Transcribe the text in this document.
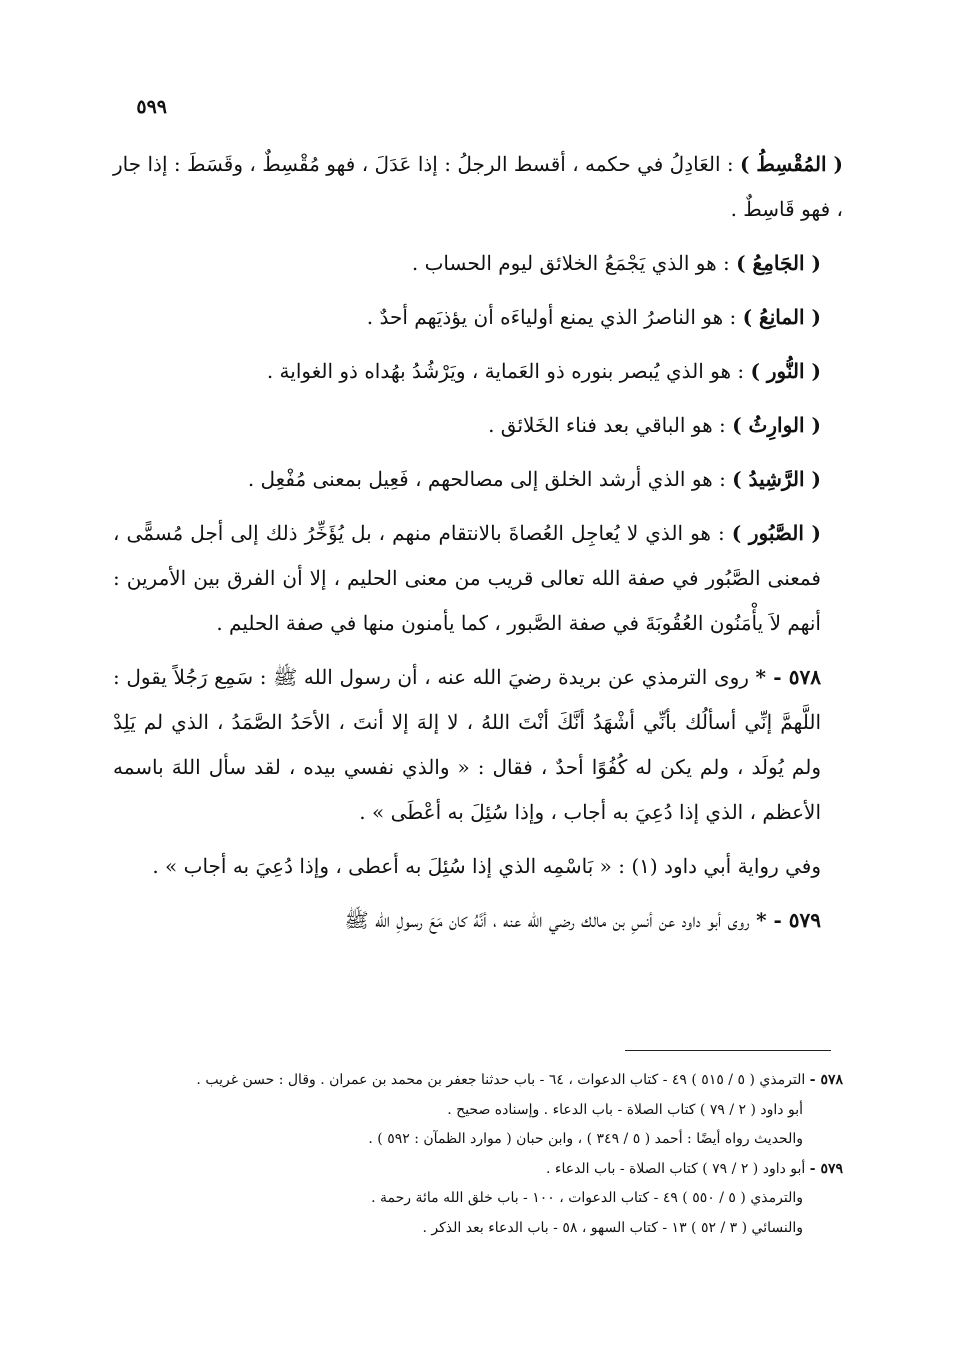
٥٩٩

( المُقْسِطُ ) : العَادِلُ في حكمه ، أقسط الرجلُ : إذا عَدَلَ ، فهو مُقْسِطٌ ، وقَسَطَ : إذا جار ، فهو قَاسِطٌ .

( الجَامِعُ ) : هو الذي يَجْمَعُ الخلائق ليوم الحساب .

( المانِعُ ) : هو الناصرُ الذي يمنع أولياءَه أن يؤذيَهم أحدٌ .

( النُّور ) : هو الذي يُبصر بنوره ذو العَماية ، ويَرْشُدُ بهُداه ذو الغواية .

( الوارِثُ ) : هو الباقي بعد فناء الخَلائق .

( الرَّشِيدُ ) : هو الذي أرشد الخلق إلى مصالحهم ، فَعِيل بمعنى مُفْعِل .

( الصَّبُور ) : هو الذي لا يُعاجِل العُصاةَ بالانتقام منهم ، بل يُؤَخِّرُ ذلك إلى أجل مُسمًّى ، فمعنى الصَّبُور في صفة الله تعالى قريب من معنى الحليم ، إلا أن الفرق بين الأمرين : أنهم لاَ يأْمَنُون العُقُوبَةَ في صفة الصَّبور ، كما يأمنون منها في صفة الحليم .

٥٧٨ - * روى الترمذي عن بريدة رضيَ الله عنه ، أن رسول الله ﷺ : سَمِع رَجُلاً يقول : اللَّهمَّ إنِّي أسألُك بأنِّي أشْهَدُ أنَّكَ أنْتَ اللهُ ، لا إلهَ إلا أنتَ ، الأحَدُ الصَّمَدُ ، الذي لم يَلِدْ ولم يُولَد ، ولم يكن له كُفُوًا أحدٌ ، فقال : « والذي نفسي بيده ، لقد سأل اللهَ باسمه الأعظم ، الذي إذا دُعِيَ به أجاب ، وإذا سُئِلَ به أعْطَى » .

وفي رواية أبي داود (١) : « بَاسْمِه الذي إذا سُئِلَ به أعطى ، وإذا دُعِيَ به أجاب » .

٥٧٩ - * روى أبو داود عن أنسِ بن مالك رضي الله عنه ، أنَّهُ كان مَعَ رسولِ الله ﷺ

٥٧٨ - الترمذي ( ٥ / ٥١٥ ) ٤٩ - كتاب الدعوات ، ٦٤ - باب حدثنا جعفر بن محمد بن عمران . وقال : حسن غريب .

أبو داود ( ٢ / ٧٩ ) كتاب الصلاة - باب الدعاء . وإسناده صحيح .

والحديث رواه أيضًا : أحمد ( ٥ / ٣٤٩ ) ، وابن حبان ( موارد الظمآن : ٥٩٢ ) .

٥٧٩ - أبو داود ( ٢ / ٧٩ ) كتاب الصلاة - باب الدعاء .

والترمذي ( ٥ / ٥٥٠ ) ٤٩ - كتاب الدعوات ، ١٠٠ - باب خلق الله مائة رحمة .

والنسائي ( ٣ / ٥٢ ) ١٣ - كتاب السهو ، ٥٨ - باب الدعاء بعد الذكر .
